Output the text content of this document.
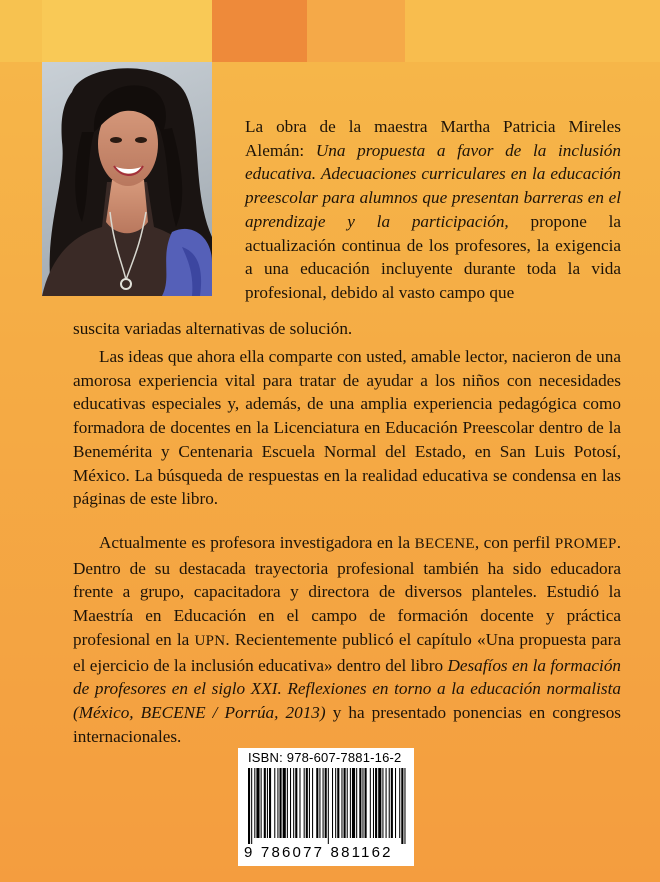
La obra de la maestra Martha Patricia Mireles Alemán: Una propuesta a favor de la inclusión educativa. Adecuaciones curriculares en la educación preescolar para alumnos que presentan barreras en el aprendizaje y la participación, propone la actualización continua de los profesores, la exigencia a una educación incluyente durante toda la vida profesional, debido al vasto campo que

suscita variadas alternativas de solución.

Las ideas que ahora ella comparte con usted, amable lector, nacieron de una amorosa experiencia vital para tratar de ayudar a los niños con necesidades educativas especiales y, además, de una amplia experiencia pedagógica como formadora de docentes en la Licenciatura en Educación Preescolar dentro de la Benemérita y Centenaria Escuela Normal del Estado, en San Luis Potosí, México. La búsqueda de respuestas en la realidad educativa se condensa en las páginas de este libro.

Actualmente es profesora investigadora en la BECENE, con perfil PROMEP. Dentro de su destacada trayectoria profesional también ha sido educadora frente a grupo, capacitadora y directora de diversos planteles. Estudió la Maestría en Educación en el campo de formación docente y práctica profesional en la UPN. Recientemente publicó el capítulo «Una propuesta para el ejercicio de la inclusión educativa» dentro del libro Desafíos en la formación de profesores en el siglo XXI. Reflexiones en torno a la educación normalista (México, BECENE / Porrúa, 2013) y ha presentado ponencias en congresos internacionales.

ISBN: 978-607-7881-16-2
9 786077 881162
